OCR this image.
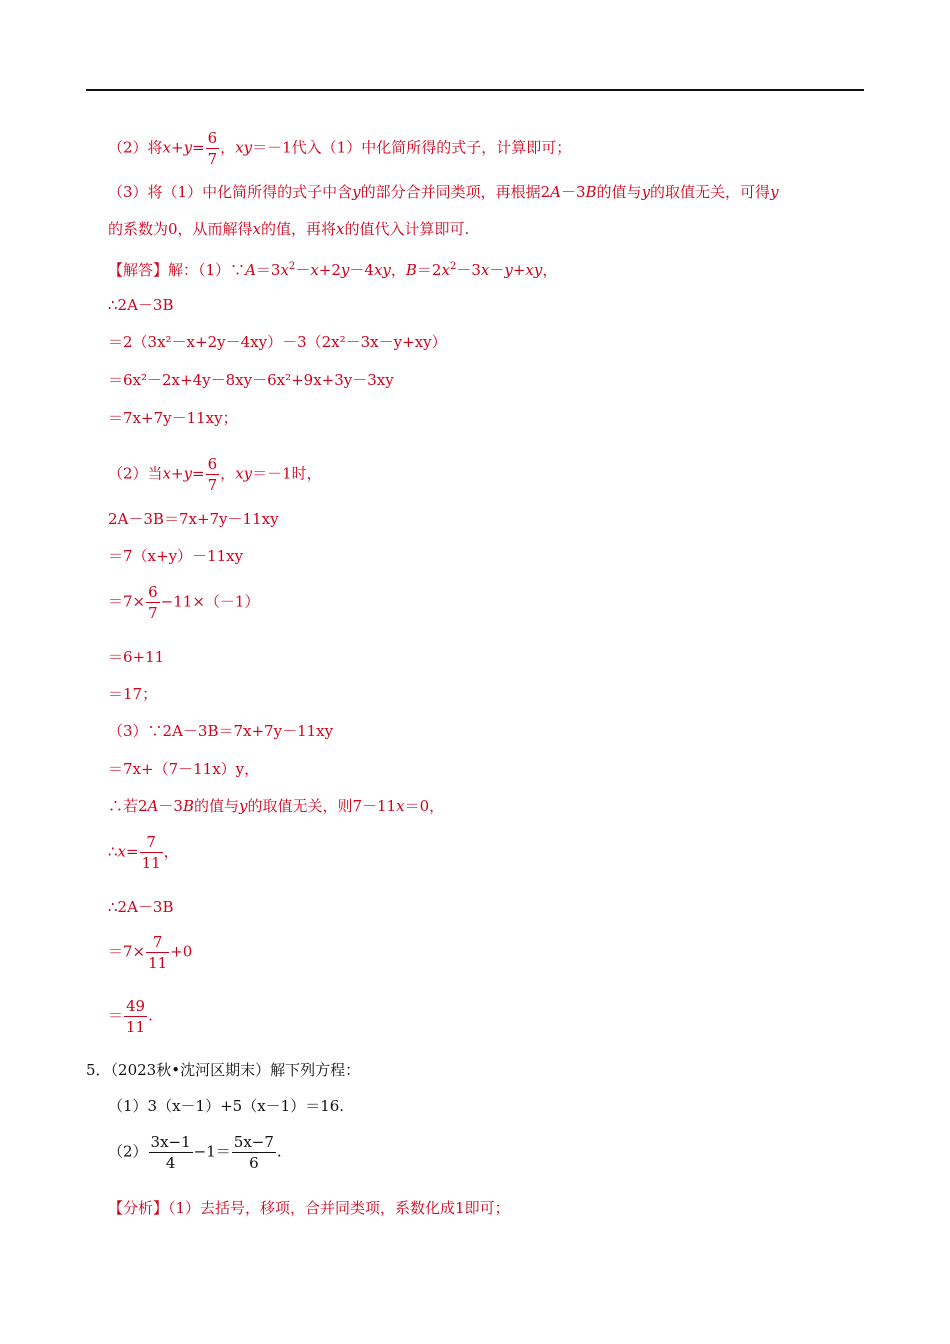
（2）将$x+y= \frac{6}{7}$ ，xy＝－1代入（1）中化简所得的式子，计算即可；
（3）将（1）中化简所得的式子中含y的部分合并同类项，再根据2A－3B的值与y的取值无关，可得y
的系数为0，从而解得x的值，再将x的值代入计算即可.
【解答】解：$(1)\because A=3x^2-x+2y-4xy$，$B=2x^2-3x-y+xy$，
∴2A－3B
＝2（3x²－x+2y－4xy）－3（2x²－3x－y+xy）
＝6x²－2x+4y－8xy－6x²+9x+3y－3xy
＝7x+7y－11xy；
（2）当$x+y= \frac{6}{7}$ ，xy＝－1时，
2A－3B＝7x+7y－11xy
＝7（x+y）－11xy
$=7\times \frac{6}{7} -11\times(-1)$
＝6+11
＝17；
（3）∵2A－3B＝7x+7y－11xy
＝7x+（7－11x）y，
∴若2A－3B的值与y的取值无关，则7－11x＝0，
∴x= $\frac{7}{11}$ ，
∴2A－3B
$=7\times \frac{7}{11} +0$
＝ $\frac{49}{11}$ .
5．（2023秋•沈河区期末）解下列方程：
（1）3（x－1）+5（x－1）＝16.
$(2) \frac{3x-1}{4} -1= \frac{5x-7}{6}$ .
【分析】（1）去括号，移项，合并同类项，系数化成1即可；
